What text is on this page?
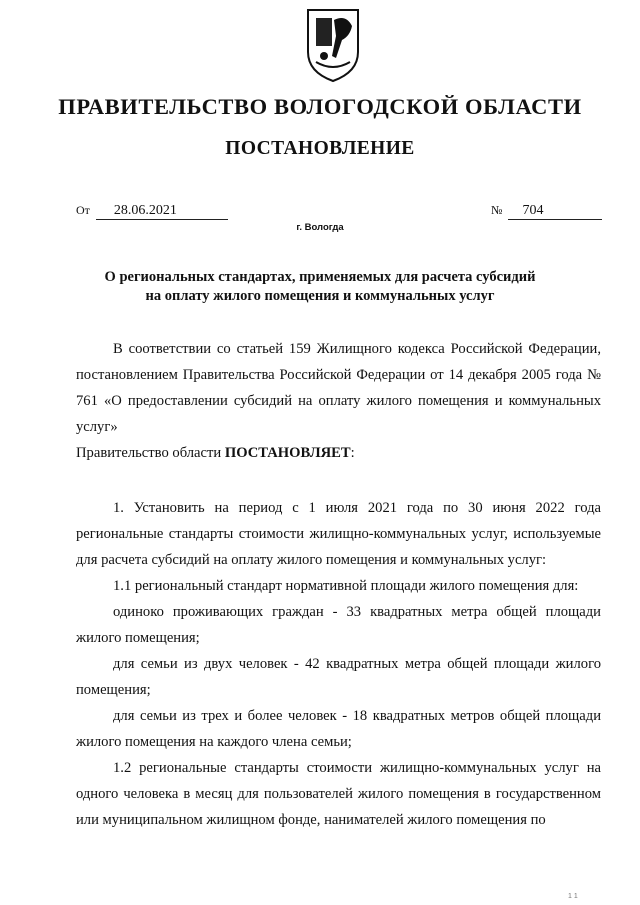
ПРАВИТЕЛЬСТВО ВОЛОГОДСКОЙ ОБЛАСТИ
ПОСТАНОВЛЕНИЕ
От 28.06.2021	№ 704
г. Вологда
О региональных стандартах, применяемых для расчета субсидий
на оплату жилого помещения и коммунальных услуг

В соответствии со статьей 159 Жилищного кодекса Российской Федерации, постановлением Правительства Российской Федерации от 14 декабря 2005 года № 761 «О предоставлении субсидий на оплату жилого помещения и коммунальных услуг»

Правительство области ПОСТАНОВЛЯЕТ:

1. Установить на период с 1 июля 2021 года по 30 июня 2022 года региональные стандарты стоимости жилищно-коммунальных услуг, используемые для расчета субсидий на оплату жилого помещения и коммунальных услуг:

1.1 региональный стандарт нормативной площади жилого помещения для:

одиноко проживающих граждан - 33 квадратных метра общей площади жилого помещения;

для семьи из двух человек - 42 квадратных метра общей площади жилого помещения;

для семьи из трех и более человек - 18 квадратных метров общей площади жилого помещения на каждого члена семьи;

1.2 региональные стандарты стоимости жилищно-коммунальных услуг на одного человека в месяц для пользователей жилого помещения в государственном или муниципальном жилищном фонде, нанимателей жилого помещения по

1 1
